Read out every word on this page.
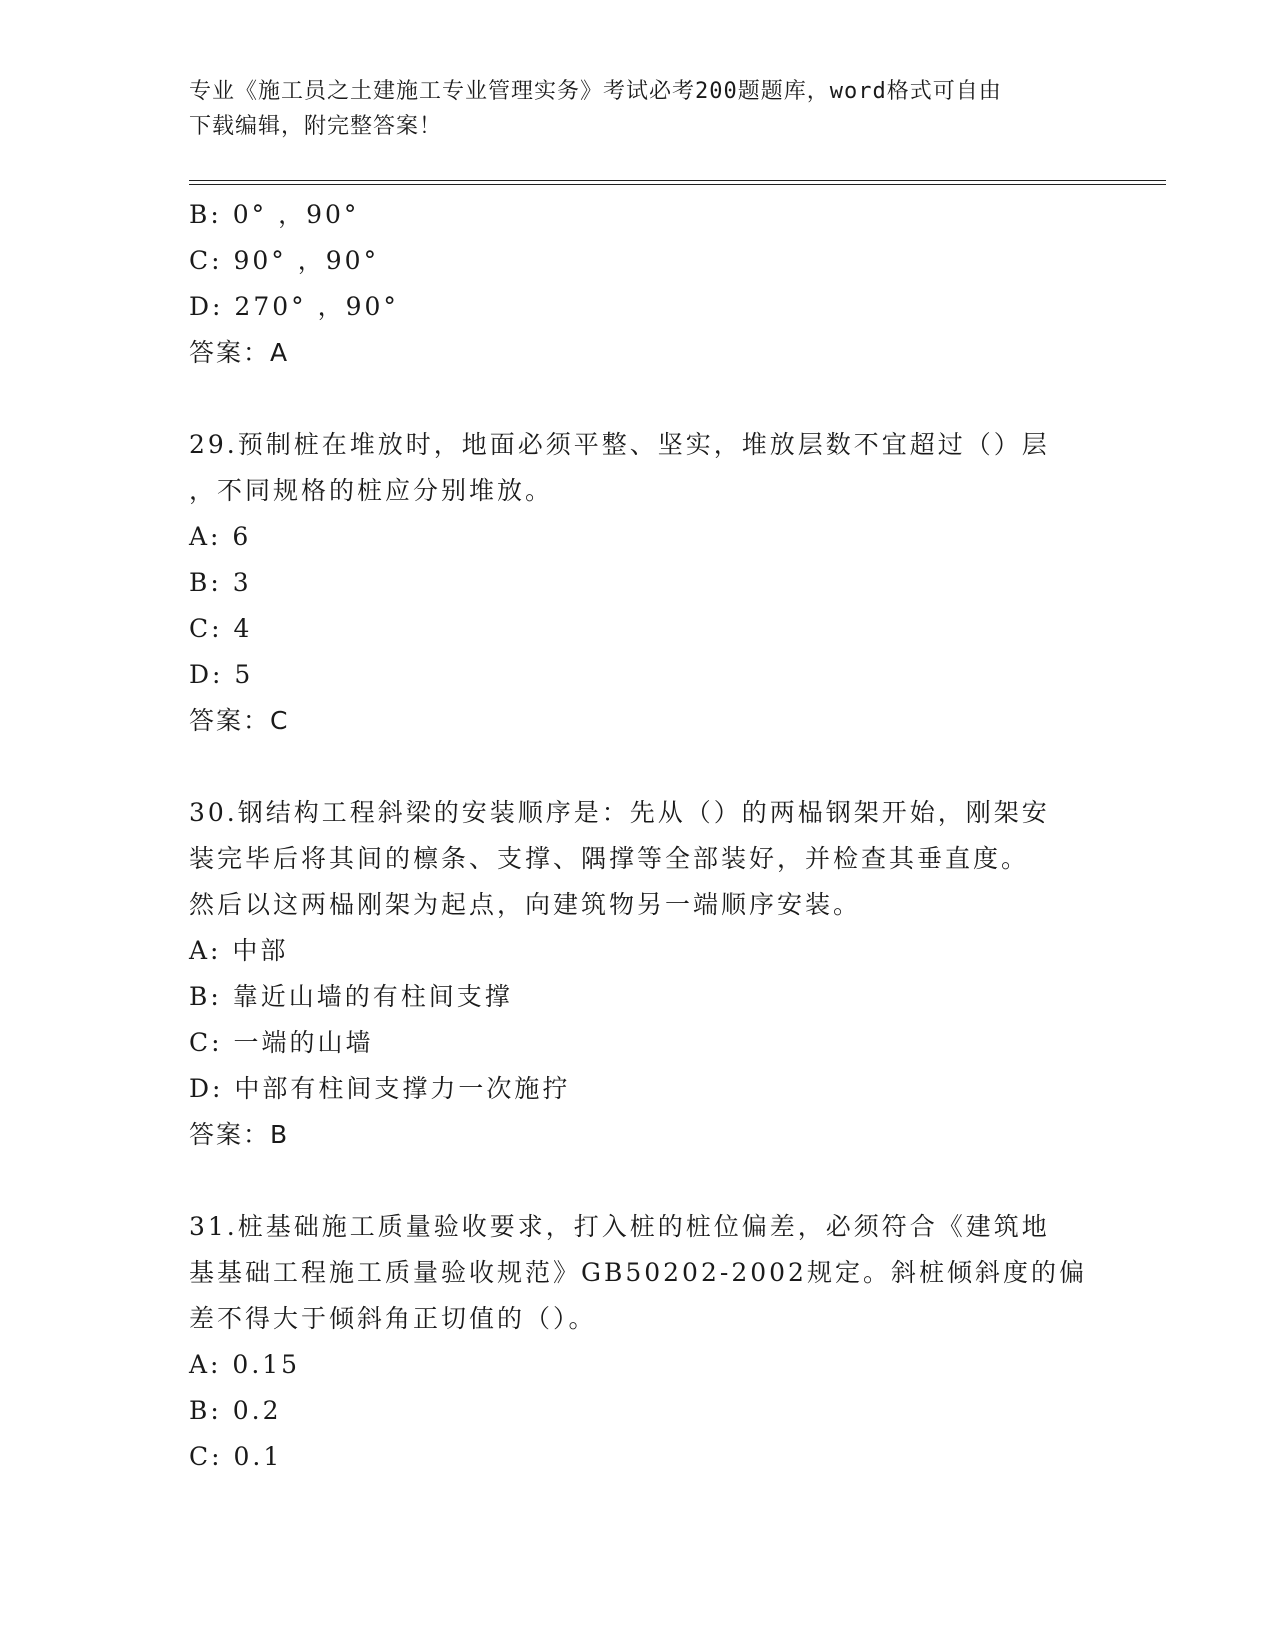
专业《施工员之土建施工专业管理实务》考试必考200题题库，word格式可自由
下载编辑，附完整答案！
B: 0° ，90°
C: 90° ，90°
D: 270° ，90°
答案：A
29.预制桩在堆放时，地面必须平整、坚实，堆放层数不宜超过（）层
，不同规格的桩应分别堆放。
A: 6
B: 3
C: 4
D: 5
答案：C
30.钢结构工程斜梁的安装顺序是：先从（）的两榀钢架开始，刚架安
装完毕后将其间的檩条、支撑、隅撑等全部装好，并检查其垂直度。
然后以这两榀刚架为起点，向建筑物另一端顺序安装。
A: 中部
B: 靠近山墙的有柱间支撑
C: 一端的山墙
D: 中部有柱间支撑力一次施拧
答案：B
31.桩基础施工质量验收要求，打入桩的桩位偏差，必须符合《建筑地
基基础工程施工质量验收规范》GB50202-2002规定。斜桩倾斜度的偏
差不得大于倾斜角正切值的（）。
A: 0.15
B: 0.2
C: 0.1
